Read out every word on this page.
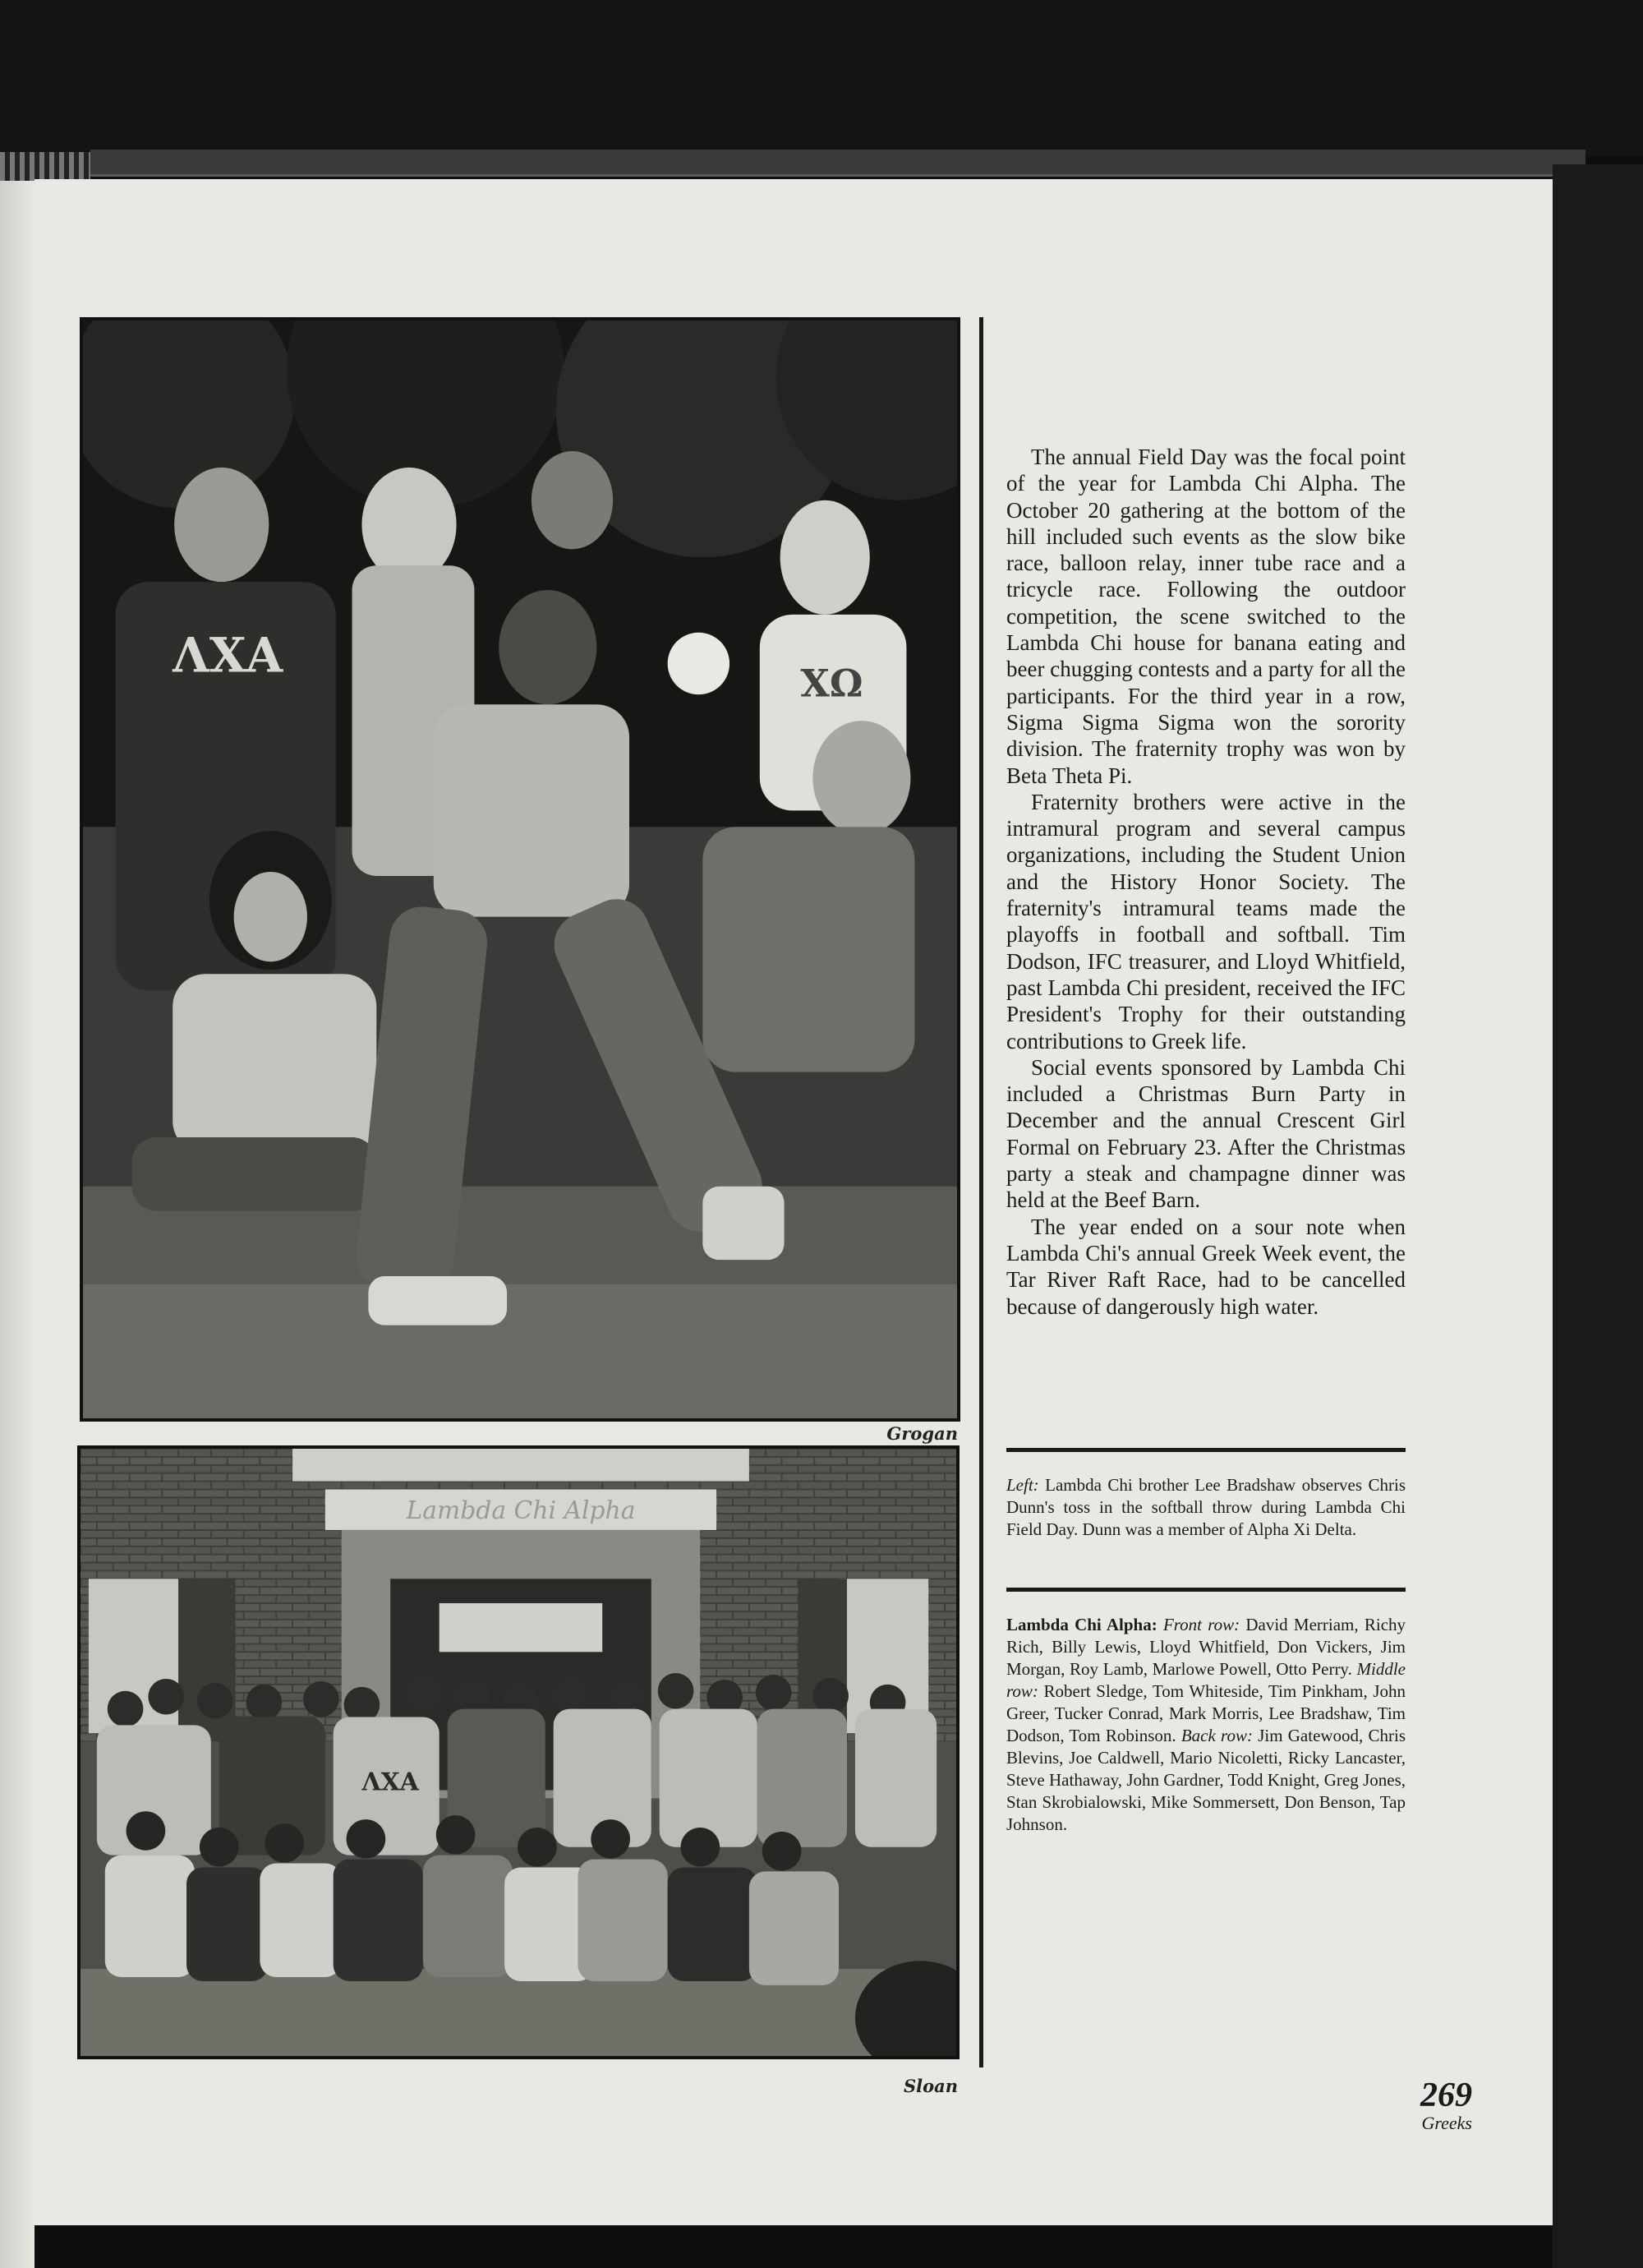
ΛΧΑ	ΧΩ
Grogan
Lambda Chi Alpha
ΛΧΑ
Sloan

The annual Field Day was the focal point of the year for Lambda Chi Alpha. The October 20 gathering at the bottom of the hill included such events as the slow bike race, balloon relay, inner tube race and a tricycle race. Following the outdoor competition, the scene switched to the Lambda Chi house for banana eating and beer chugging contests and a party for all the participants. For the third year in a row, Sigma Sigma Sigma won the sorority division. The fraternity trophy was won by Beta Theta Pi.

Fraternity brothers were active in the intramural program and several campus organizations, including the Student Union and the History Honor Society. The fraternity's intramural teams made the playoffs in football and softball. Tim Dodson, IFC treasurer, and Lloyd Whitfield, past Lambda Chi president, received the IFC President's Trophy for their outstanding contributions to Greek life.

Social events sponsored by Lambda Chi included a Christmas Burn Party in December and the annual Crescent Girl Formal on February 23. After the Christmas party a steak and champagne dinner was held at the Beef Barn.

The year ended on a sour note when Lambda Chi's annual Greek Week event, the Tar River Raft Race, had to be cancelled because of dangerously high water.

Left: Lambda Chi brother Lee Bradshaw observes Chris Dunn's toss in the softball throw during Lambda Chi Field Day. Dunn was a member of Alpha Xi Delta.
Lambda Chi Alpha: Front row: David Merriam, Richy Rich, Billy Lewis, Lloyd Whitfield, Don Vickers, Jim Morgan, Roy Lamb, Marlowe Powell, Otto Perry. Middle row: Robert Sledge, Tom Whiteside, Tim Pinkham, John Greer, Tucker Conrad, Mark Morris, Lee Bradshaw, Tim Dodson, Tom Robinson. Back row: Jim Gatewood, Chris Blevins, Joe Caldwell, Mario Nicoletti, Ricky Lancaster, Steve Hathaway, John Gardner, Todd Knight, Greg Jones, Stan Skrobialowski, Mike Sommersett, Don Benson, Tap Johnson.
269
Greeks
